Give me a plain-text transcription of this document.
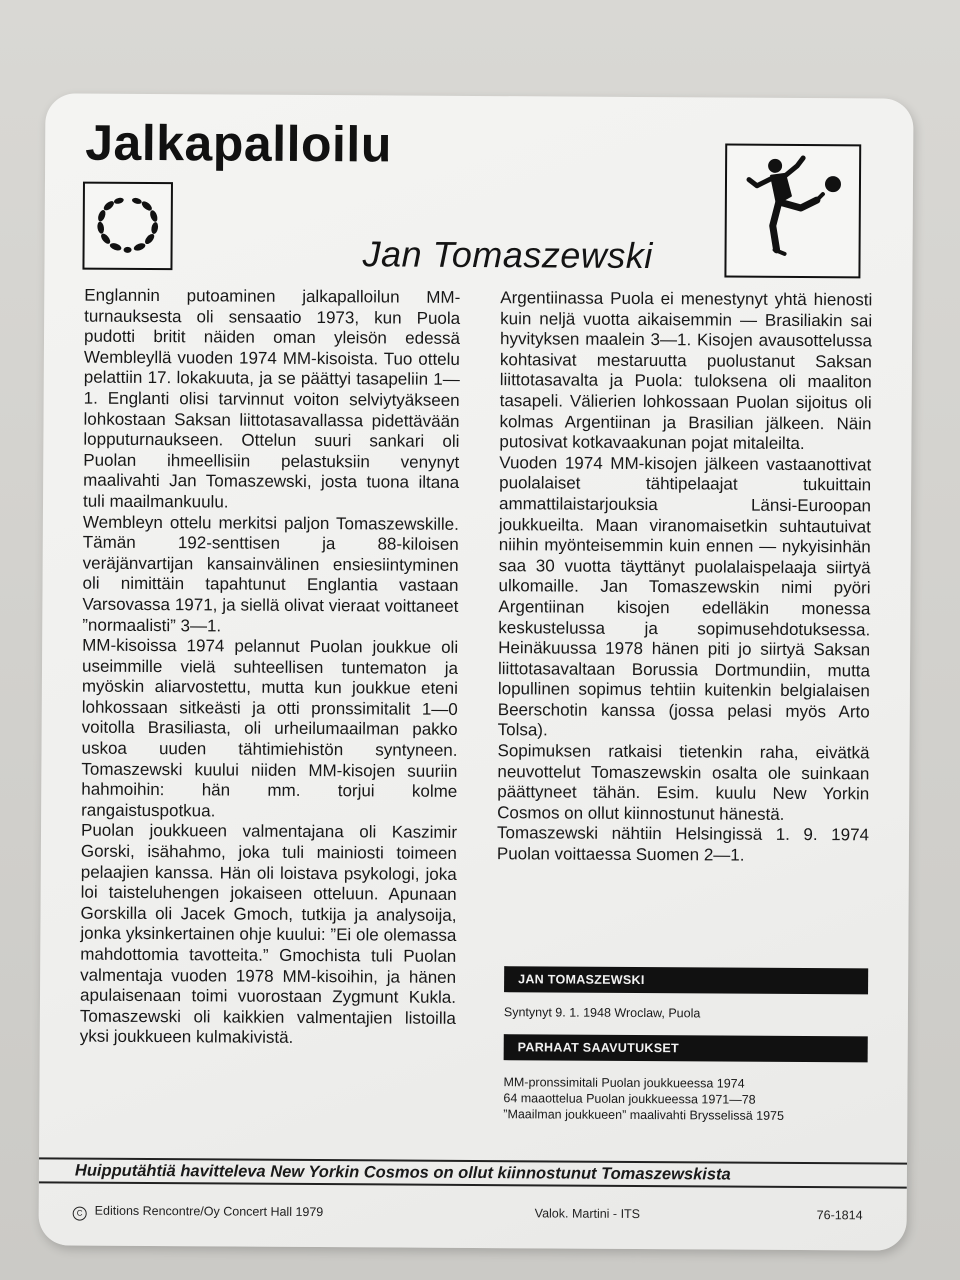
Jalkapalloilu
Jan Tomaszewski

Englannin putoaminen jalkapalloilun MM-turnauksesta oli sensaatio 1973, kun Puola pudotti britit näiden oman yleisön edessä Wembleyllä vuoden 1974 MM-kisoista. Tuo ottelu pelattiin 17. lokakuuta, ja se päättyi tasapeliin 1—1. Englanti olisi tarvinnut voiton selviytyäkseen lohkostaan Saksan liittotasavallassa pidettävään lopputurnaukseen. Ottelun suuri sankari oli Puolan ihmeellisiin pelastuksiin venynyt maalivahti Jan Tomaszewski, josta tuona iltana tuli maailmankuulu.

Wembleyn ottelu merkitsi paljon Tomaszewskille. Tämän 192-senttisen ja 88-kiloisen veräjänvartijan kansainvälinen ensiesiintyminen oli nimittäin tapahtunut Englantia vastaan Varsovassa 1971, ja siellä olivat vieraat voittaneet ”normaalisti” 3—1.

MM-kisoissa 1974 pelannut Puolan joukkue oli useimmille vielä suhteellisen tuntematon ja myöskin aliarvostettu, mutta kun joukkue eteni lohkossaan sitkeästi ja otti pronssimitalit 1—0 voitolla Brasiliasta, oli urheilumaailman pakko uskoa uuden tähtimiehistön syntyneen. Tomaszewski kuului niiden MM-kisojen suuriin hahmoihin: hän mm. torjui kolme rangaistuspotkua.

Puolan joukkueen valmentajana oli Kaszimir Gorski, isähahmo, joka tuli mainiosti toimeen pelaajien kanssa. Hän oli loistava psykologi, joka loi taisteluhengen jokaiseen otteluun. Apunaan Gorskilla oli Jacek Gmoch, tutkija ja analysoija, jonka yksinkertainen ohje kuului: ”Ei ole olemassa mahdottomia tavotteita.” Gmochista tuli Puolan valmentaja vuoden 1978 MM-kisoihin, ja hänen apulaisenaan toimi vuorostaan Zygmunt Kukla. Tomaszewski oli kaikkien valmentajien listoilla yksi joukkueen kulmakivistä.

Argentiinassa Puola ei menestynyt yhtä hienosti kuin neljä vuotta aikaisemmin — Brasiliakin sai hyvityksen maalein 3—1. Kisojen avausottelussa kohtasivat mestaruutta puolustanut Saksan liittotasavalta ja Puola: tuloksena oli maaliton tasapeli. Välierien lohkossaan Puolan sijoitus oli kolmas Argentiinan ja Brasilian jälkeen. Näin putosivat kotkavaakunan pojat mitaleilta.

Vuoden 1974 MM-kisojen jälkeen vastaanottivat puolalaiset tähtipelaajat tukuittain ammattilaistarjouksia Länsi-Euroopan joukkueilta. Maan viranomaisetkin suhtautuivat niihin myönteisemmin kuin ennen — nykyisinhän saa 30 vuotta täyttänyt puolalaispelaaja siirtyä ulkomaille. Jan Tomaszewskin nimi pyöri Argentiinan kisojen edelläkin monessa keskustelussa ja sopimusehdotuksessa. Heinäkuussa 1978 hänen piti jo siirtyä Saksan liittotasavaltaan Borussia Dortmundiin, mutta lopullinen sopimus tehtiin kuitenkin belgialaisen Beerschotin kanssa (jossa pelasi myös Arto Tolsa).

Sopimuksen ratkaisi tietenkin raha, eivätkä neuvottelut Tomaszewskin osalta ole suinkaan päättyneet tähän. Esim. kuulu New Yorkin Cosmos on ollut kiinnostunut hänestä.

Tomaszewski nähtiin Helsingissä 1. 9. 1974 Puolan voittaessa Suomen 2—1.

JAN TOMASZEWSKI
Syntynyt 9. 1. 1948 Wroclaw, Puola
PARHAAT SAAVUTUKSET
MM-pronssimitali Puolan joukkueessa 1974
64 maaottelua Puolan joukkueessa 1971—78
”Maailman joukkueen” maalivahti Brysselissä 1975
Huipputähtiä havitteleva New Yorkin Cosmos on ollut kiinnostunut Tomaszewskista
C Editions Rencontre/Oy Concert Hall 1979	Valok. Martini - ITS	76-1814
